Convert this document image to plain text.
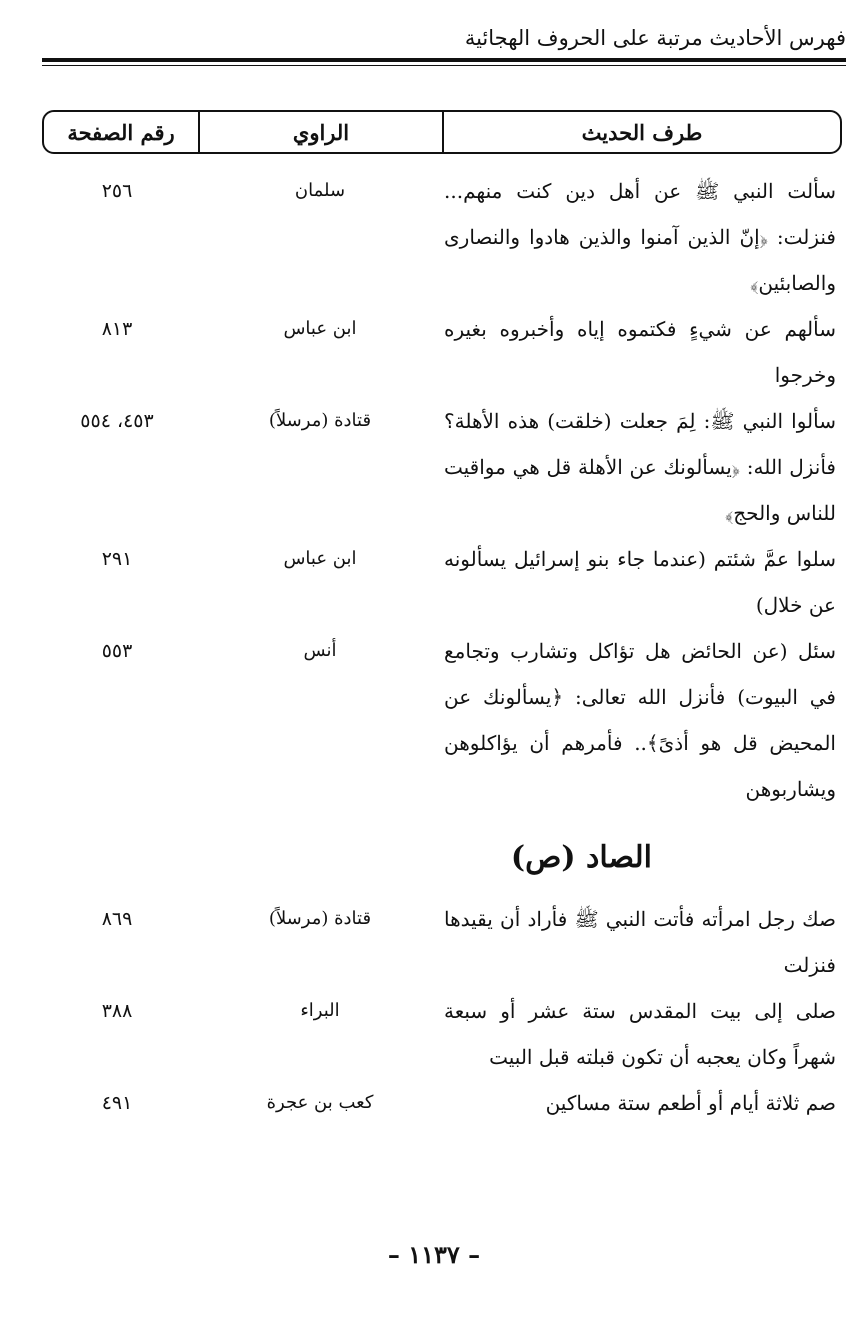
فهرس الأحاديث مرتبة على الحروف الهجائية
طرف الحديث
الراوي
رقم الصفحة
سألت النبي ﷺ عن أهل دين كنت منهم... فنزلت: ﴿إنّ الذين آمنوا والذين هادوا والنصارى والصابئين﴾
سلمان
٢٥٦
سألهم عن شيءٍ فكتموه إياه وأخبروه بغيره وخرجوا
ابن عباس
٨١٣
سألوا النبي ﷺ: لِمَ جعلت (خلقت) هذه الأهلة؟ فأنزل الله: ﴿يسألونك عن الأهلة قل هي مواقيت للناس والحج﴾
قتادة (مرسلاً)
٤٥٣، ٥٥٤
سلوا عمَّ شئتم (عندما جاء بنو إسرائيل يسألونه عن خلال)
ابن عباس
٢٩١
سئل (عن الحائض هل تؤاكل وتشارب وتجامع في البيوت) فأنزل الله تعالى: ﴿يسألونك عن المحيض قل هو أذىً﴾.. فأمرهم أن يؤاكلوهن ويشاربوهن
أنس
٥٥٣
الصاد (ص)
صك رجل امرأته فأتت النبي ﷺ فأراد أن يقيدها فنزلت
قتادة (مرسلاً)
٨٦٩
صلى إلى بيت المقدس ستة عشر أو سبعة شهراً وكان يعجبه أن تكون قبلته قبل البيت
البراء
٣٨٨
صم ثلاثة أيام أو أطعم ستة مساكين
كعب بن عجرة
٤٩١
– ١١٣٧ –
